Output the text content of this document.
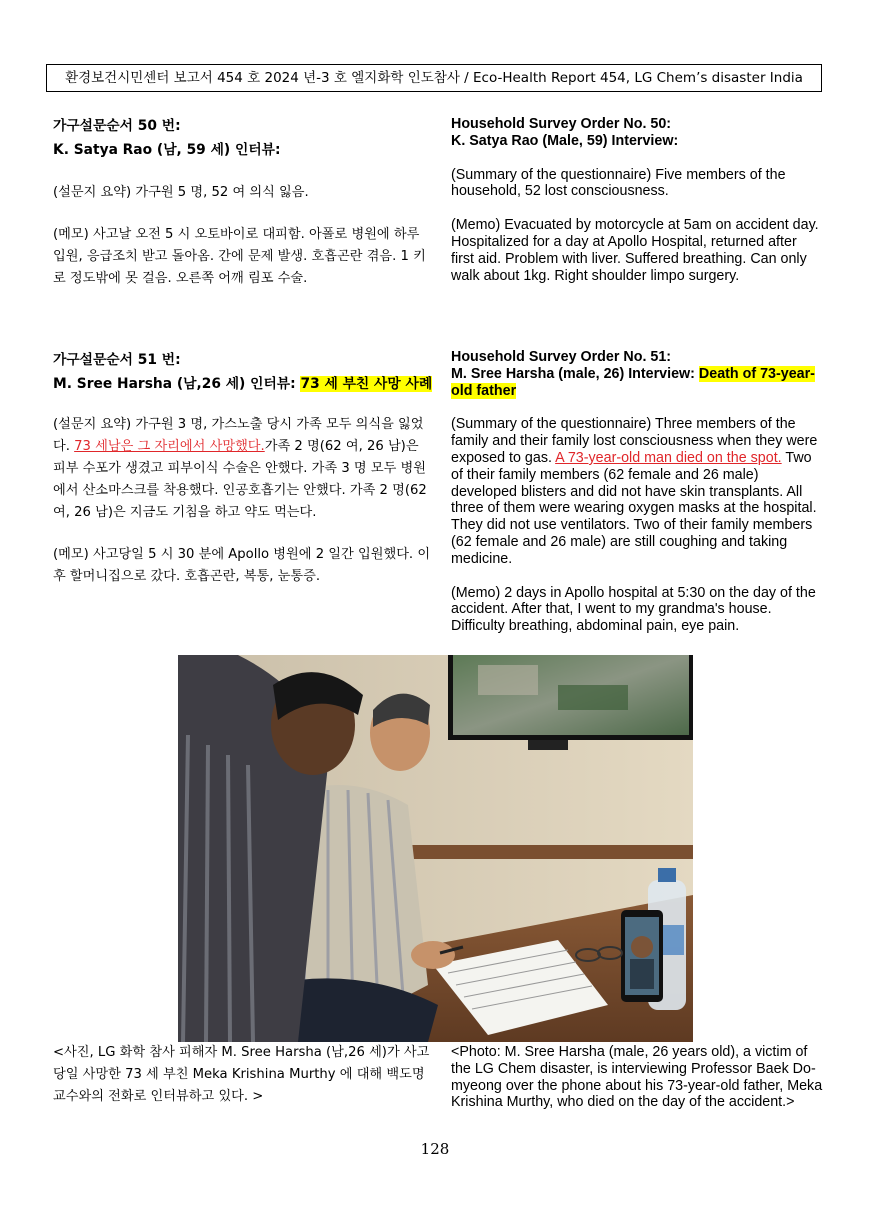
환경보건시민센터 보고서 454 호 2024 년-3 호 엘지화학 인도참사 / Eco-Health Report 454, LG Chem’s disaster India
가구설문순서 50 번:
K. Satya Rao (남, 59 세) 인터뷰:

(설문지 요약) 가구원 5 명, 52 여 의식 잃음.

(메모) 사고날 오전 5 시 오토바이로 대피함. 아폴로 병원에 하루 입원, 응급조치 받고 돌아옴. 간에 문제 발생. 호흡곤란 겪음. 1 키로 정도밖에 못 걸음. 오른쪽 어깨 림포 수술.

Household Survey Order No. 50:
K. Satya Rao (Male, 59) Interview:

(Summary of the questionnaire) Five members of the household, 52 lost consciousness.

(Memo) Evacuated by motorcycle at 5am on accident day. Hospitalized for a day at Apollo Hospital, returned after first aid. Problem with liver. Suffered breathing. Can only walk about 1kg. Right shoulder limpo surgery.

가구설문순서 51 번:
M. Sree Harsha (남,26 세) 인터뷰: 73 세 부친 사망 사례

(설문지 요약) 가구원 3 명, 가스노출 당시 가족 모두 의식을 잃었다. 73 세남은 그 자리에서 사망했다.가족 2 명(62 여, 26 남)은 피부 수포가 생겼고 피부이식 수술은 안했다. 가족 3 명 모두 병원에서 산소마스크를 착용했다. 인공호흡기는 안했다. 가족 2 명(62 여, 26 남)은 지금도 기침을 하고 약도 먹는다.

(메모) 사고당일 5 시 30 분에 Apollo 병원에 2 일간 입원했다. 이후 할머니집으로 갔다. 호흡곤란, 복통, 눈통증.

Household Survey Order No. 51:
M. Sree Harsha (male, 26) Interview: Death of 73-year-old father

(Summary of the questionnaire) Three members of the family and their family lost consciousness when they were exposed to gas. A 73-year-old man died on the spot. Two of their family members (62 female and 26 male) developed blisters and did not have skin transplants. All three of them were wearing oxygen masks at the hospital. They did not use ventilators. Two of their family members (62 female and 26 male) are still coughing and taking medicine.

(Memo) 2 days in Apollo hospital at 5:30 on the day of the accident. After that, I went to my grandma's house. Difficulty breathing, abdominal pain, eye pain.

<사진, LG 화학 참사 피해자 M. Sree Harsha (남,26 세)가 사고 당일 사망한 73 세 부친 Meka Krishina Murthy 에 대해 백도명 교수와의 전화로 인터뷰하고 있다. >
<Photo: M. Sree Harsha (male, 26 years old), a victim of the LG Chem disaster, is interviewing Professor Baek Do-myeong over the phone about his 73-year-old father, Meka Krishina Murthy, who died on the day of the accident.>
128
